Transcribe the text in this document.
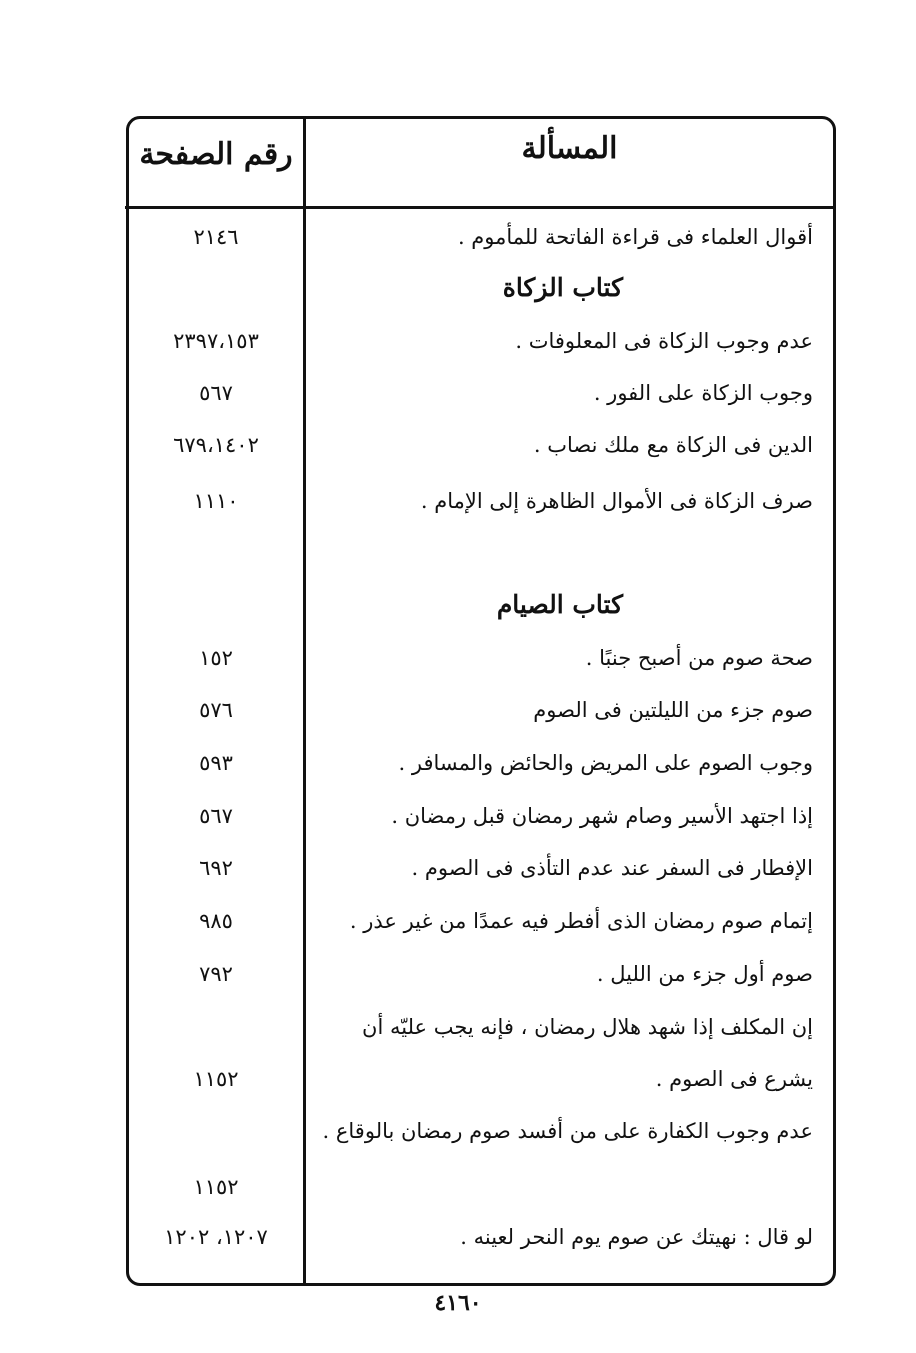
رقم الصفحة	المسألة
أقوال العلماء فى قراءة الفاتحة للمأموم .
٢١٤٦
كتاب الزكاة
عدم وجوب الزكاة فى المعلوفات .
٢٣٩٧،١٥٣
وجوب الزكاة على الفور .
٥٦٧
الدين فى الزكاة مع ملك نصاب .
٦٧٩،١٤٠٢
صرف الزكاة فى الأموال الظاهرة إلى الإمام .
١١١٠
كتاب الصيام
صحة صوم من أصبح جنبًا .
١٥٢
صوم جزء من الليلتين فى الصوم
٥٧٦
وجوب الصوم على المريض والحائض والمسافر .
٥٩٣
إذا اجتهد الأسير وصام شهر رمضان قبل رمضان .
٥٦٧
الإفطار فى السفر عند عدم التأذى فى الصوم .
٦٩٢
إتمام صوم رمضان الذى أفطر فيه عمدًا من غير عذر .
٩٨٥
صوم أول جزء من الليل .
٧٩٢
إن المكلف إذا شهد هلال رمضان ، فإنه يجب عليّه أن يشرع فى الصوم .
١١٥٢
عدم وجوب الكفارة على من أفسد صوم رمضان بالوقاع .
١١٥٢
لو قال : نهيتك عن صوم يوم النحر لعينه .
١٢٠٧، ١٢٠٢
٤١٦٠
